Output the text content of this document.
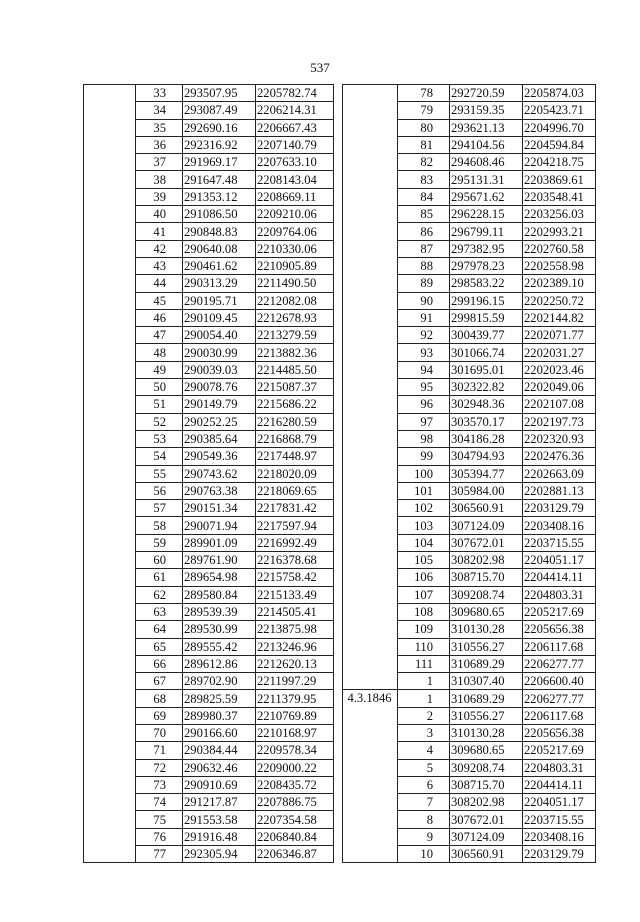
537
	33	293507.95	2205782.74
	34	293087.49	2206214.31
	35	292690.16	2206667.43
	36	292316.92	2207140.79
	37	291969.17	2207633.10
	38	291647.48	2208143.04
	39	291353.12	2208669.11
	40	291086.50	2209210.06
	41	290848.83	2209764.06
	42	290640.08	2210330.06
	43	290461.62	2210905.89
	44	290313.29	2211490.50
	45	290195.71	2212082.08
	46	290109.45	2212678.93
	47	290054.40	2213279.59
	48	290030.99	2213882.36
	49	290039.03	2214485.50
	50	290078.76	2215087.37
	51	290149.79	2215686.22
	52	290252.25	2216280.59
	53	290385.64	2216868.79
	54	290549.36	2217448.97
	55	290743.62	2218020.09
	56	290763.38	2218069.65
	57	290151.34	2217831.42
	58	290071.94	2217597.94
	59	289901.09	2216992.49
	60	289761.90	2216378.68
	61	289654.98	2215758.42
	62	289580.84	2215133.49
	63	289539.39	2214505.41
	64	289530.99	2213875.98
	65	289555.42	2213246.96
	66	289612.86	2212620.13
	67	289702.90	2211997.29
	68	289825.59	2211379.95
	69	289980.37	2210769.89
	70	290166.60	2210168.97
	71	290384.44	2209578.34
	72	290632.46	2209000.22
	73	290910.69	2208435.72
	74	291217.87	2207886.75
	75	291553.58	2207354.58
	76	291916.48	2206840.84
	77	292305.94	2206346.87
	78	292720.59	2205874.03
	79	293159.35	2205423.71
	80	293621.13	2204996.70
	81	294104.56	2204594.84
	82	294608.46	2204218.75
	83	295131.31	2203869.61
	84	295671.62	2203548.41
	85	296228.15	2203256.03
	86	296799.11	2202993.21
	87	297382.95	2202760.58
	88	297978.23	2202558.98
	89	298583.22	2202389.10
	90	299196.15	2202250.72
	91	299815.59	2202144.82
	92	300439.77	2202071.77
	93	301066.74	2202031.27
	94	301695.01	2202023.46
	95	302322.82	2202049.06
	96	302948.36	2202107.08
	97	303570.17	2202197.73
	98	304186.28	2202320.93
	99	304794.93	2202476.36
	100	305394.77	2202663.09
	101	305984.00	2202881.13
	102	306560.91	2203129.79
	103	307124.09	2203408.16
	104	307672.01	2203715.55
	105	308202.98	2204051.17
	106	308715.70	2204414.11
	107	309208.74	2204803.31
	108	309680.65	2205217.69
	109	310130.28	2205656.38
	110	310556.27	2206117.68
	111	310689.29	2206277.77
	1	310307.40	2206600.40
4.3.1846	1	310689.29	2206277.77
	2	310556.27	2206117.68
	3	310130.28	2205656.38
	4	309680.65	2205217.69
	5	309208.74	2204803.31
	6	308715.70	2204414.11
	7	308202.98	2204051.17
	8	307672.01	2203715.55
	9	307124.09	2203408.16
	10	306560.91	2203129.79
